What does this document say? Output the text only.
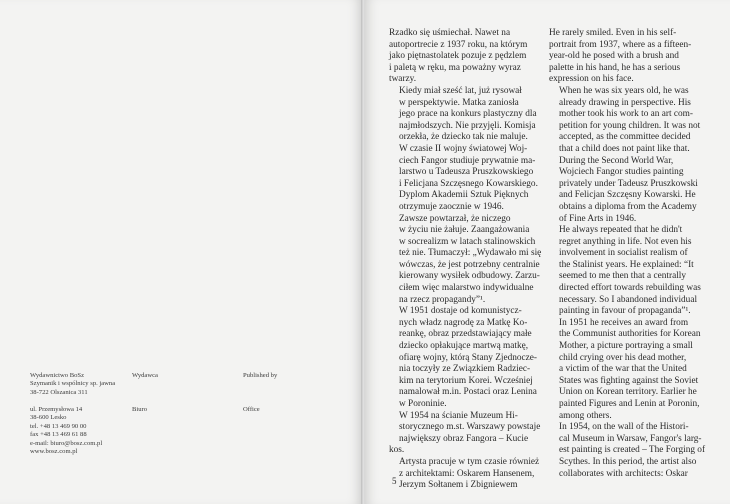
Wydawnictwo BoSz
Szymanik i wspólnicy sp. jawna
38-722 Olszanica 311
Wydawca	Published by
ul. Przemysłowa 14
38-600 Lesko
tel. +48 13 469 90 00
fax +48 13 469 61 88
e-mail: biuro@bosz.com.pl
www.bosz.com.pl
Biuro	Office

Rzadko się uśmiechał. Nawet na
autoportrecie z 1937 roku, na którym
jako piętnastolatek pozuje z pędzlem
i paletą w ręku, ma poważny wyraz
twarzy.

Kiedy miał sześć lat, już rysował
w perspektywie. Matka zaniosła
jego prace na konkurs plastyczny dla
najmłodszych. Nie przyjęli. Komisja
orzekła, że dziecko tak nie maluje.

W czasie II wojny światowej Woj-
ciech Fangor studiuje prywatnie ma-
larstwo u Tadeusza Pruszkowskiego
i Felicjana Szczęsnego Kowarskiego.
Dyplom Akademii Sztuk Pięknych
otrzymuje zaocznie w 1946.

Zawsze powtarzał, że niczego
w życiu nie żałuje. Zaangażowania
w socrealizm w latach stalinowskich
też nie. Tłumaczył: „Wydawało mi się
wówczas, że jest potrzebny centralnie
kierowany wysiłek odbudowy. Zarzu-
ciłem więc malarstwo indywidualne
na rzecz propagandy”¹.

W 1951 dostaje od komunistycz-
nych władz nagrodę za Matkę Ko-
reankę, obraz przedstawiający małe
dziecko opłakujące martwą matkę,
ofiarę wojny, którą Stany Zjednocze-
nia toczyły ze Związkiem Radziec-
kim na terytorium Korei. Wcześniej
namalował m.in. Postaci oraz Lenina
w Poroninie.

W 1954 na ścianie Muzeum Hi-
storycznego m.st. Warszawy powstaje
największy obraz Fangora – Kucie kos.
Artysta pracuje w tym czasie również
z architektami: Oskarem Hansenem,
Jerzym Sołtanem i Zbigniewem

He rarely smiled. Even in his self-
portrait from 1937, where as a fifteen-
year-old he posed with a brush and
palette in his hand, he has a serious
expression on his face.

When he was six years old, he was
already drawing in perspective. His
mother took his work to an art com-
petition for young children. It was not
accepted, as the committee decided
that a child does not paint like that.

During the Second World War,
Wojciech Fangor studies painting
privately under Tadeusz Pruszkowski
and Felicjan Szczęsny Kowarski. He
obtains a diploma from the Academy
of Fine Arts in 1946.

He always repeated that he didn't
regret anything in life. Not even his
involvement in socialist realism of
the Stalinist years. He explained: “It
seemed to me then that a centrally
directed effort towards rebuilding was
necessary. So I abandoned individual
painting in favour of propaganda”¹.

In 1951 he receives an award from
the Communist authorities for Korean
Mother, a picture portraying a small
child crying over his dead mother,
a victim of the war that the United
States was fighting against the Soviet
Union on Korean territory. Earlier he
painted Figures and Lenin at Poronin,
among others.

In 1954, on the wall of the Histori-
cal Museum in Warsaw, Fangor's larg-
est painting is created – The Forging of
Scythes. In this period, the artist also
collaborates with architects: Oskar

5
